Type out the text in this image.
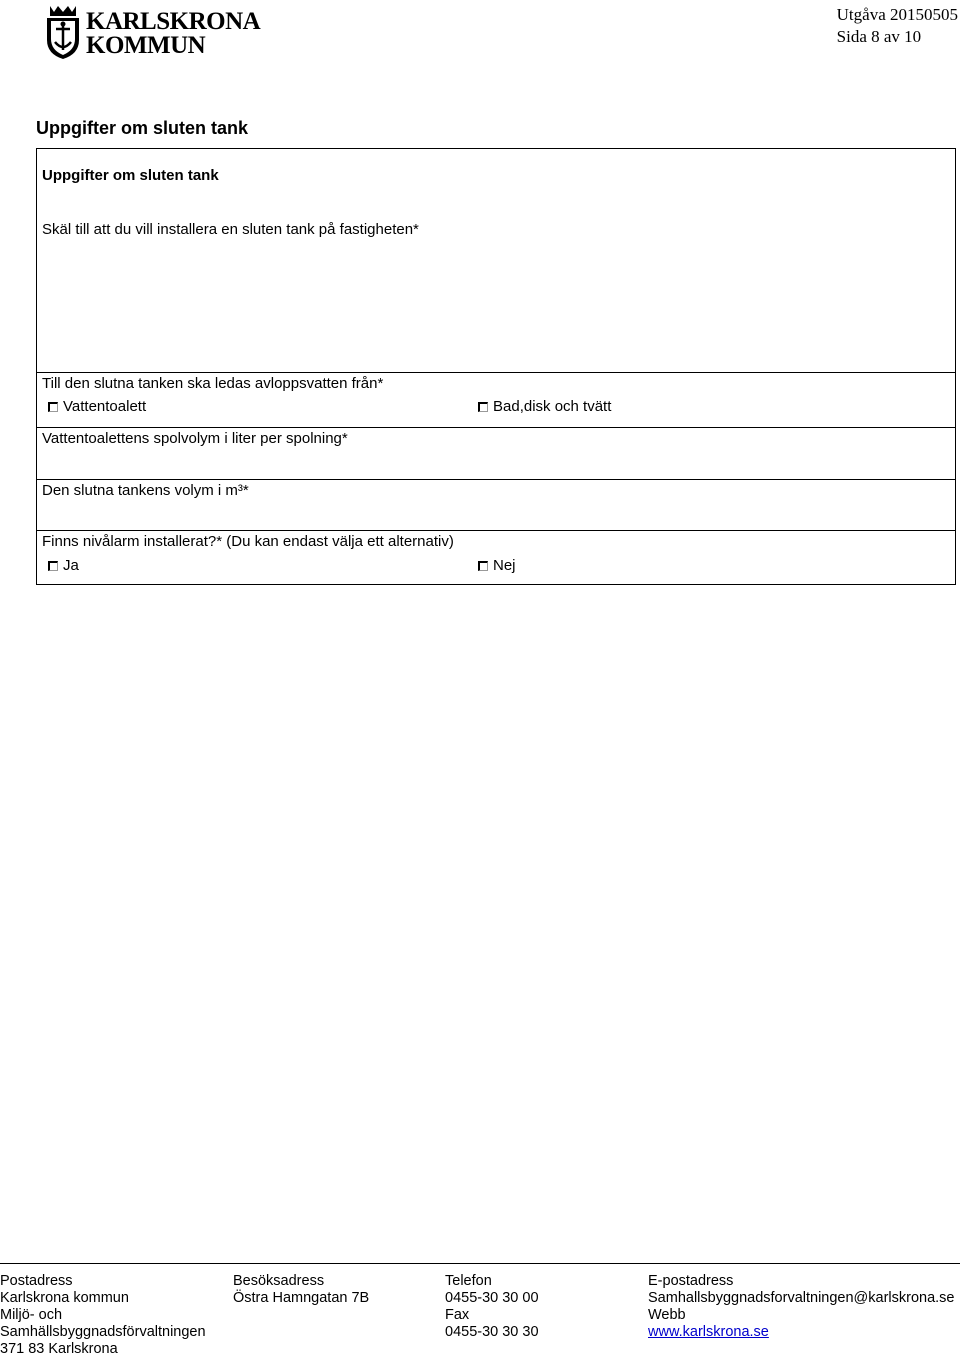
KARLSKRONA
KOMMUN
Utgåva 20150505
Sida 8 av 10
Uppgifter om sluten tank
Uppgifter om sluten tank
Skäl till att du vill installera en sluten tank på fastigheten*
Till den slutna tanken ska ledas avloppsvatten från*
Vattentoalett	Bad,disk och tvätt
Vattentoalettens spolvolym i liter per spolning*
Den slutna tankens volym i m³*
Finns nivålarm installerat?* (Du kan endast välja ett alternativ)
Ja	Nej
Postadress
Karlskrona kommun
Miljö- och
Samhällsbyggnadsförvaltningen
371 83 Karlskrona
Besöksadress
Östra Hamngatan 7B
Telefon
0455-30 30 00
Fax
0455-30 30 30
E-postadress
Samhallsbyggnadsforvaltningen@karlskrona.se
Webb
www.karlskrona.se
